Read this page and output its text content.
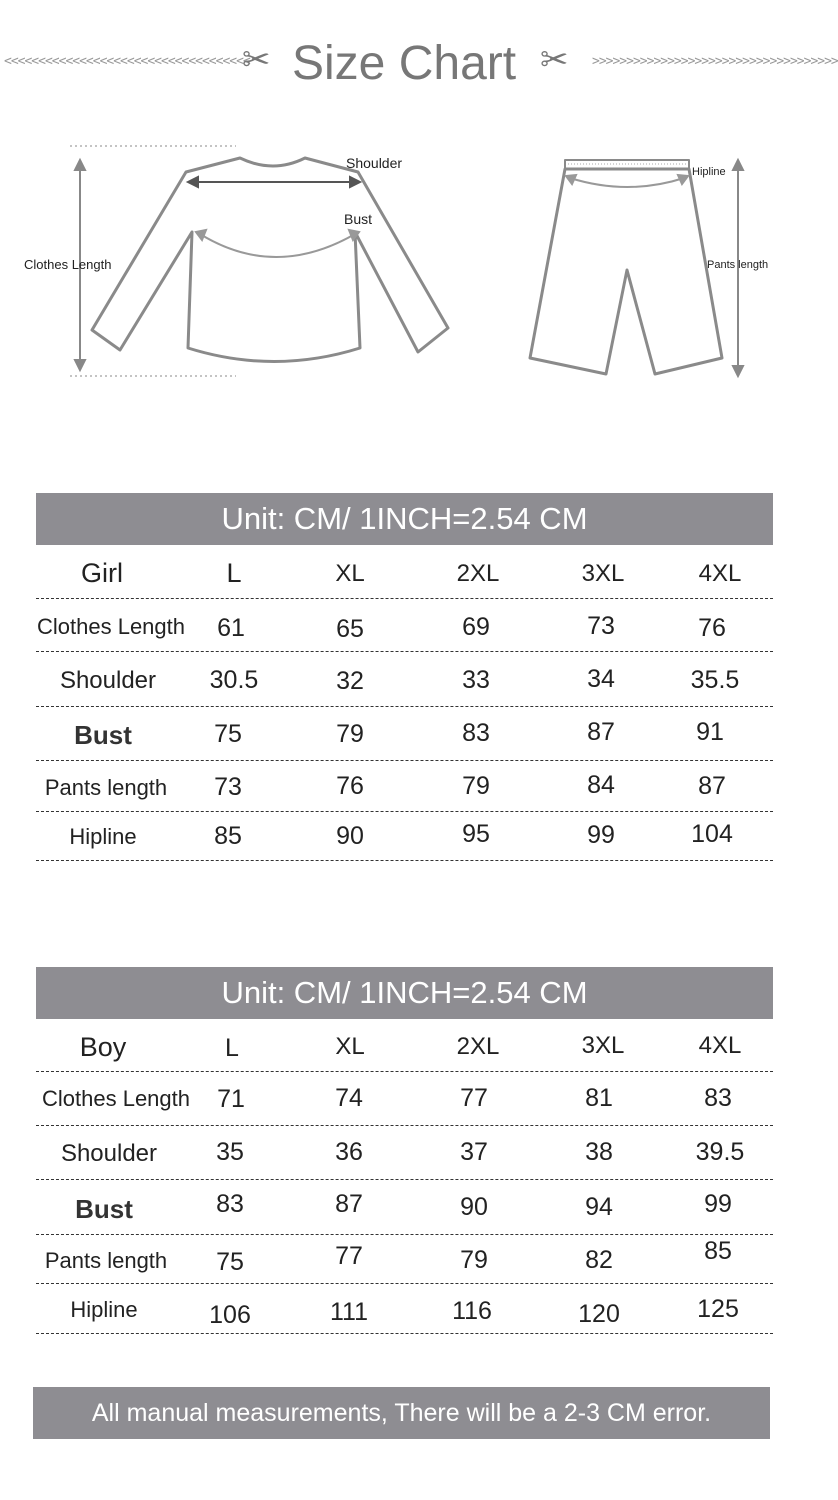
<<<<<<<<<<<<<<<<<<<<<<<<<<<<<<<<<<<<
✂ Size Chart ✂ >>>>>>>>>>>>>>>>>>>>>>>>>>>>>>>>>>>>
Shoulder
Bust
Clothes Length
Hipline
Pants length
Unit: CM/ 1INCH=2.54 CM
Girl	L	XL	2XL	3XL	4XL
Clothes Length	61	65	69	73	76
Shoulder	30.5	32	33	34	35.5
Bust	75	79	83	87	91
Pants length	73	76	79	84	87
Hipline	85	90	95	99	104
Unit: CM/ 1INCH=2.54 CM
Boy	L	XL	2XL	3XL	4XL
Clothes Length	71	74	77	81	83
Shoulder	35	36	37	38	39.5
Bust	83	87	90	94	99
Pants length	75	77	79	82	85
Hipline	106	111	116	120	125
All manual measurements, There will be a 2-3 CM error.
